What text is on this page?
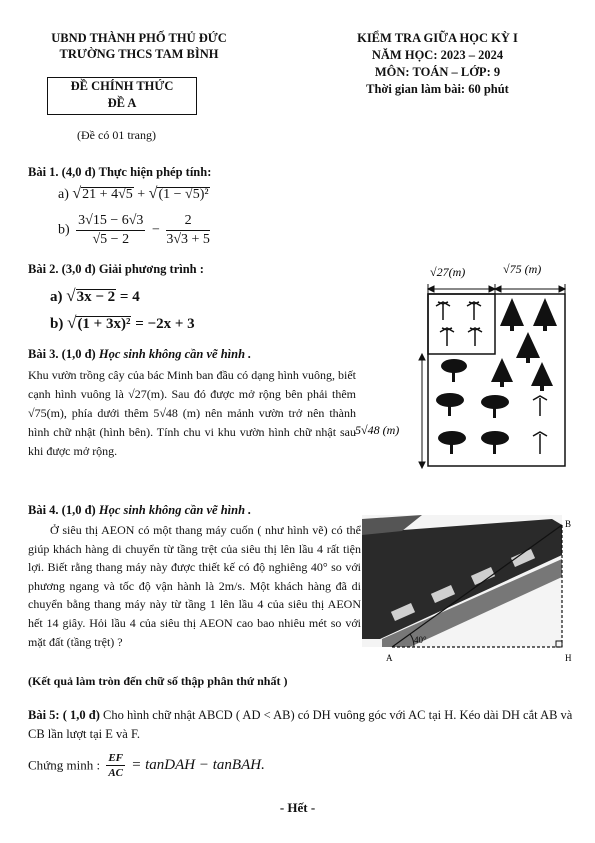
UBND THÀNH PHỐ THỦ ĐỨC
TRƯỜNG THCS TAM BÌNH
ĐỀ CHÍNH THỨC
ĐỀ A
(Đề có 01 trang)
KIỂM TRA GIỮA HỌC KỲ I
NĂM HỌC: 2023 – 2024
MÔN: TOÁN – LỚP: 9
Thời gian làm bài: 60 phút
Bài 1. (4,0 đ) Thực hiện phép tính:
a) √21 + 4√5 + √(1 − √5)²
$b) \frac{3√15 - 6√3}{√5 - 2} - \frac{2}{3√3 + 5}$
Bài 2. (3,0 đ) Giải phương trình :
a) √3x − 2 = 4
b) √(1 + 3x)² = −2x + 3
Bài 3. (1,0 đ) Học sinh không cần vẽ hình .
Khu vườn trồng cây của bác Minh ban đầu có dạng hình vuông, biết cạnh hình vuông là √27(m). Sau đó được mở rộng bên phải thêm √75(m), phía dưới thêm 5√48 (m) nên mảnh vườn trở nên thành hình chữ nhật (hình bên). Tính chu vi khu vườn hình chữ nhật sau khi được mở rộng.
√27(m)	√75 (m)
5√48 (m)
Bài 4. (1,0 đ) Học sinh không cần vẽ hình .
Ở siêu thị AEON có một thang máy cuốn ( như hình vẽ) có thể giúp khách hàng di chuyển từ tầng trệt của siêu thị lên lầu 4 rất tiện lợi. Biết rằng thang máy này được thiết kế có độ nghiêng 40° so với phương ngang và tốc độ vận hành là 2m/s. Một khách hàng đã di chuyển bằng thang máy này từ tầng 1 lên lầu 4 của siêu thị AEON hết 14 giây. Hỏi lầu 4 của siêu thị AEON cao bao nhiêu mét so với mặt đất (tầng trệt) ?
(Kết quả làm tròn đến chữ số thập phân thứ nhất )
40°
A
B
H
Bài 5: ( 1,0 đ) Cho hình chữ nhật ABCD ( AD < AB) có DH vuông góc với AC tại H. Kéo dài DH cắt AB và CB lần lượt tại E và F.
Chứng minh : $\frac{EF}{AC}$ = tanDAH − tanBAH.
- Hết -
